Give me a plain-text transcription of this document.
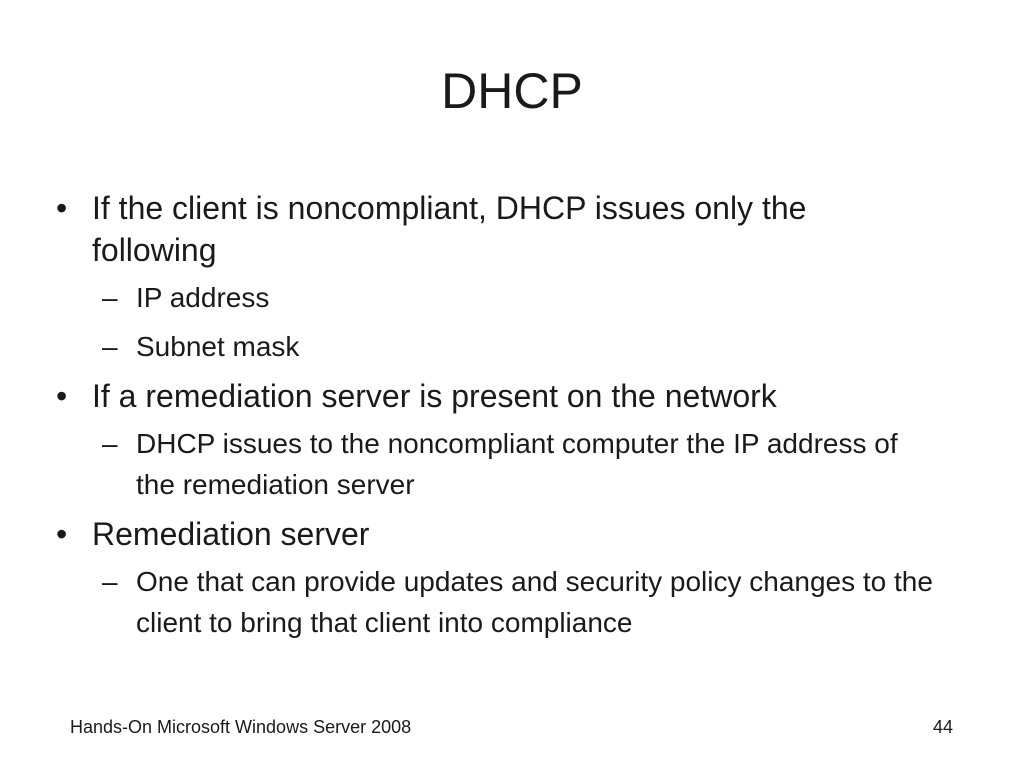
DHCP
• If the client is noncompliant, DHCP issues only the following
– IP address
– Subnet mask
• If a remediation server is present on the network
– DHCP issues to the noncompliant computer the IP address of the remediation server
• Remediation server
– One that can provide updates and security policy changes to the client to bring that client into compliance
Hands-On Microsoft Windows Server 2008	44
